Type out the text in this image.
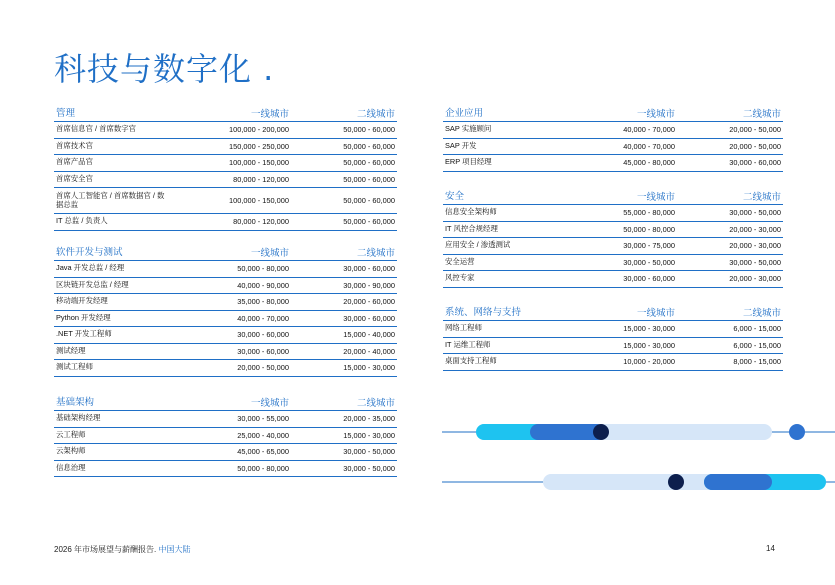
科技与数字化 .
管理	一线城市	二线城市
首席信息官 / 首席数字官	100,000 - 200,000	50,000 - 60,000
首席技术官	150,000 - 250,000	50,000 - 60,000
首席产品官	100,000 - 150,000	50,000 - 60,000
首席安全官	80,000 - 120,000	50,000 - 60,000
首席人工智能官 / 首席数据官 / 数据总监	100,000 - 150,000	50,000 - 60,000
IT 总监 / 负责人	80,000 - 120,000	50,000 - 60,000
软件开发与测试	一线城市	二线城市
Java 开发总监 / 经理	50,000 - 80,000	30,000 - 60,000
区块链开发总监 / 经理	40,000 - 90,000	30,000 - 90,000
移动端开发经理	35,000 - 80,000	20,000 - 60,000
Python 开发经理	40,000 - 70,000	30,000 - 60,000
.NET 开发工程师	30,000 - 60,000	15,000 - 40,000
测试经理	30,000 - 60,000	20,000 - 40,000
测试工程师	20,000 - 50,000	15,000 - 30,000
基础架构	一线城市	二线城市
基础架构经理	30,000 - 55,000	20,000 - 35,000
云工程师	25,000 - 40,000	15,000 - 30,000
云架构师	45,000 - 65,000	30,000 - 50,000
信息治理	50,000 - 80,000	30,000 - 50,000
企业应用	一线城市	二线城市
SAP 实施顾问	40,000 - 70,000	20,000 - 50,000
SAP 开发	40,000 - 70,000	20,000 - 50,000
ERP 项目经理	45,000 - 80,000	30,000 - 60,000
安全	一线城市	二线城市
信息安全架构师	55,000 - 80,000	30,000 - 50,000
IT 风控合规经理	50,000 - 80,000	20,000 - 30,000
应用安全 / 渗透测试	30,000 - 75,000	20,000 - 30,000
安全运营	30,000 - 50,000	30,000 - 50,000
风控专家	30,000 - 60,000	20,000 - 30,000
系统、网络与支持	一线城市	二线城市
网络工程师	15,000 - 30,000	6,000 - 15,000
IT 运维工程师	15,000 - 30,000	6,000 - 15,000
桌面支持工程师	10,000 - 20,000	8,000 - 15,000
2026 年市场展望与薪酬报告. 中国大陆	14
